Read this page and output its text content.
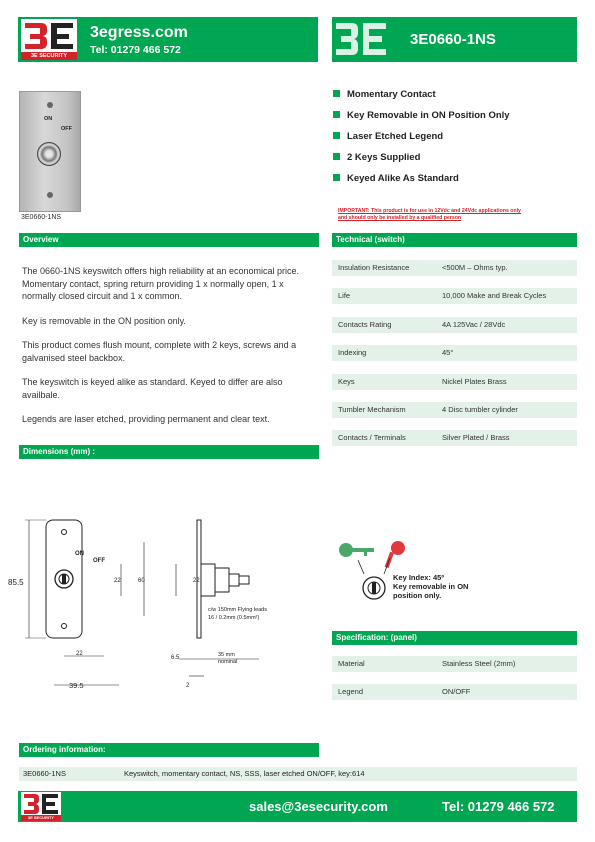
3E SECURITY
3egress.com
Tel: 01279 466 572
3E0660-1NS
ON
OFF
3E0660-1NS
Momentary Contact
Key Removable in ON Position Only
Laser Etched Legend
2 Keys Supplied
Keyed Alike As Standard
IMPORTANT: This product is for use in 12Vdc and 24Vdc applications only
and should only be installed by a qualified person
Overview

The 0660-1NS keyswitch offers high reliability at an economical price. Momentary contact, spring return providing 1 x normally open, 1 x normally closed circuit and 1 x common.

Key is removable in the ON position only.

This product comes flush mount, complete with 2 keys, screws and a galvanised steel backbox.

The keyswitch is keyed alike as standard. Keyed to differ are also availbale.

Legends are laser etched, providing permanent and clear text.

Technical (switch)
Insulation Resistance	<500M – Ohms typ.
Life	10,000 Make and Break Cycles
Contacts Rating	4A 125Vac / 28Vdc
Indexing	45°
Keys	Nickel Plates Brass
Tumbler Mechanism	4 Disc tumbler cylinder
Contacts / Terminals	Silver Plated / Brass
Dimensions (mm) :
ON
OFF
85.5	22	60	22
22
39.5
c/w 150mm Flying leads
16 / 0.2mm (0.5mm²)
6.5	35 mm
nominal
2
Key Index: 45º
Key removable in ON
position only.
Specification: (panel)
Material	Stainless Steel (2mm)
Legend	ON/OFF
Ordering information:
3E0660-1NS	Keyswitch, momentary contact, NS, SSS, laser etched ON/OFF, key:614
3E SECURITY
sales@3esecurity.com	Tel: 01279 466 572
